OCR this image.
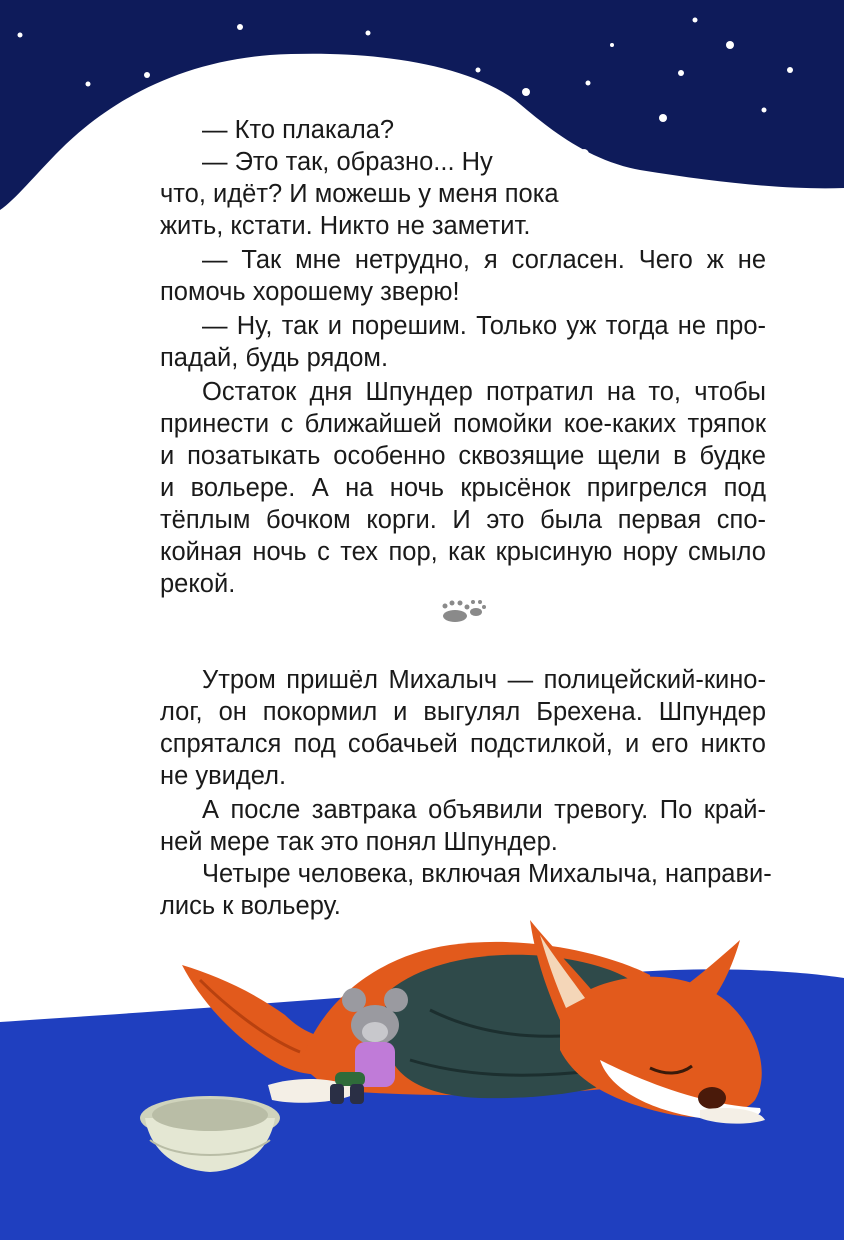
— Кто плакала?
— Это так, образно... Ну
что, идёт? И можешь у меня пока
жить, кстати. Никто не заметит.
— Так мне нетрудно, я согласен. Чего ж не
помочь хорошему зверю!
— Ну, так и порешим. Только уж тогда не про-
падай, будь рядом.
Остаток дня Шпундер потратил на то, чтобы
принести с ближайшей помойки кое-каких тряпок
и позатыкать особенно сквозящие щели в будке
и вольере. А на ночь крысёнок пригрелся под
тёплым бочком корги. И это была первая спо-
койная ночь с тех пор, как крысиную нору смыло
рекой.
Утром пришёл Михалыч — полицейский-кино-
лог, он покормил и выгулял Брехена. Шпундер
спрятался под собачьей подстилкой, и его никто
не увидел.
А после завтрака объявили тревогу. По край-
ней мере так это понял Шпундер.
Четыре человека, включая Михалыча, направи-
лись к вольеру.
